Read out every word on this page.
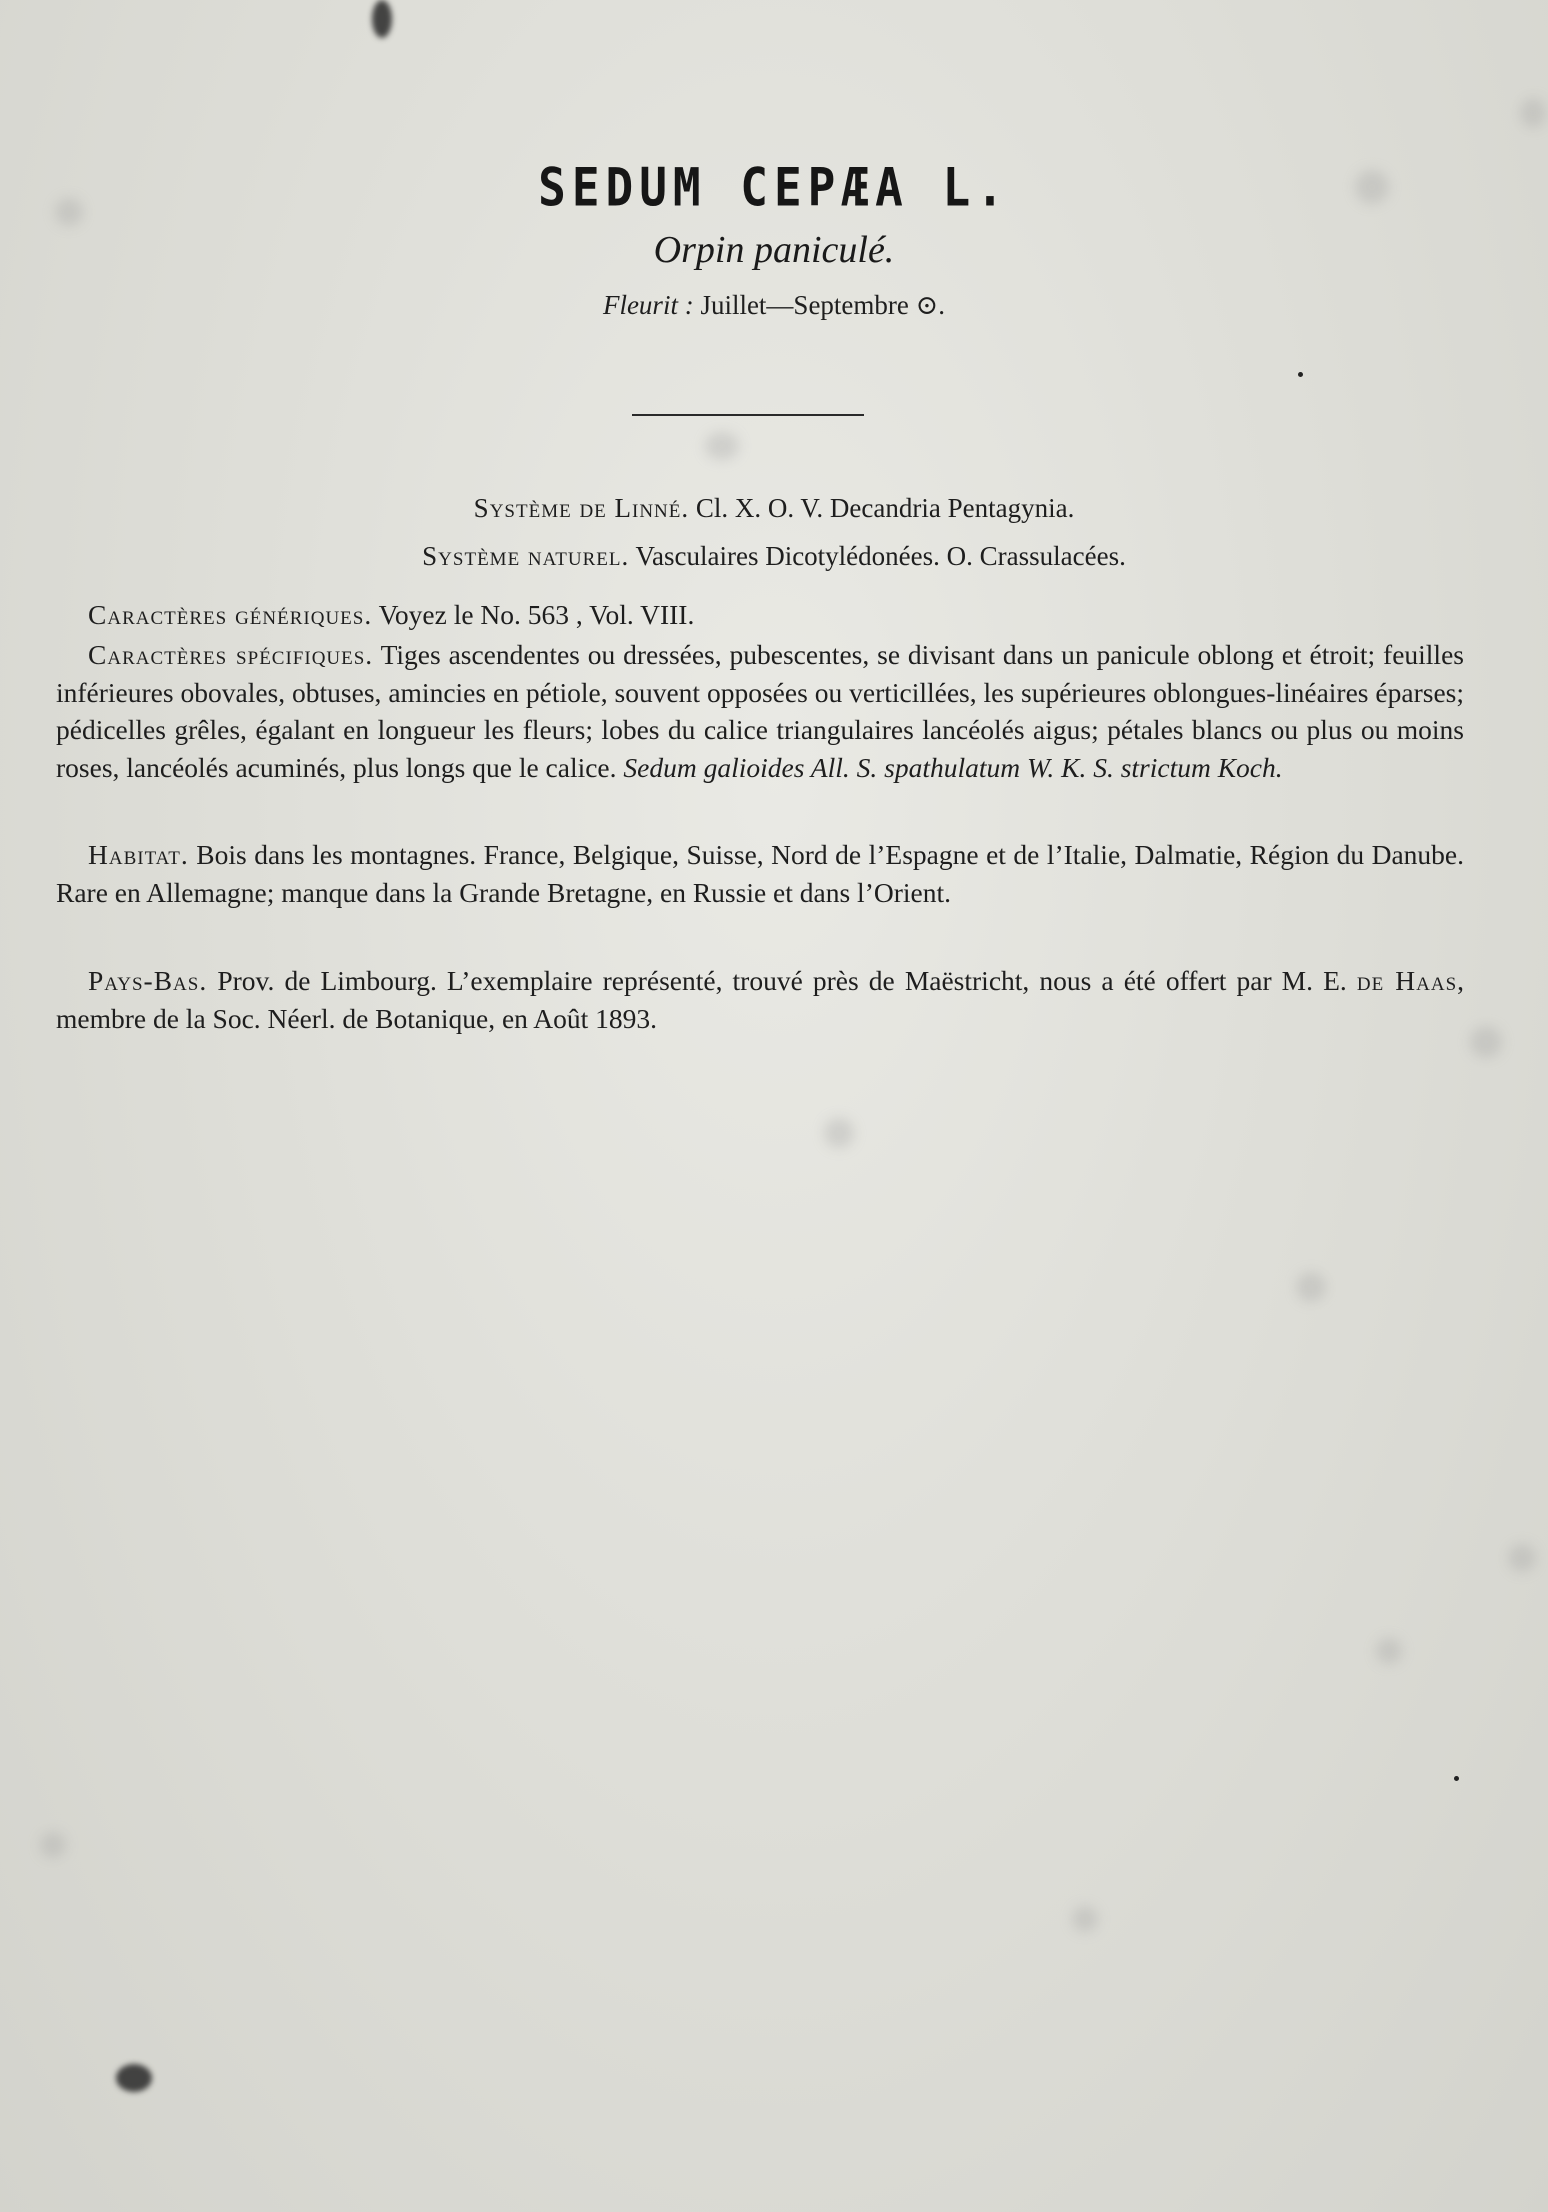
SEDUM CEPÆA L.
Orpin paniculé.
Fleurit : Juillet—Septembre ⊙.
Système de Linné. Cl. X. O. V. Decandria Pentagynia.
Système naturel. Vasculaires Dicotylédonées. O. Crassulacées.
Caractères génériques. Voyez le No. 563 , Vol. VIII.
Caractères spécifiques. Tiges ascendentes ou dressées, pubescentes, se divisant dans un panicule oblong et étroit; feuilles inférieures obovales, obtuses, amincies en pétiole, souvent opposées ou verticillées, les supérieures oblongues-linéaires éparses; pédicelles grêles, égalant en longueur les fleurs; lobes du calice triangulaires lancéolés aigus; pétales blancs ou plus ou moins roses, lancéolés acuminés, plus longs que le calice. Sedum galioides All. S. spathulatum W. K. S. strictum Koch.
Habitat. Bois dans les montagnes. France, Belgique, Suisse, Nord de l’Espagne et de l’Italie, Dalmatie, Région du Danube. Rare en Allemagne; manque dans la Grande Bretagne, en Russie et dans l’Orient.
Pays-Bas. Prov. de Limbourg. L’exemplaire représenté, trouvé près de Maëstricht, nous a été offert par M. E. de Haas, membre de la Soc. Néerl. de Botanique, en Août 1893.
